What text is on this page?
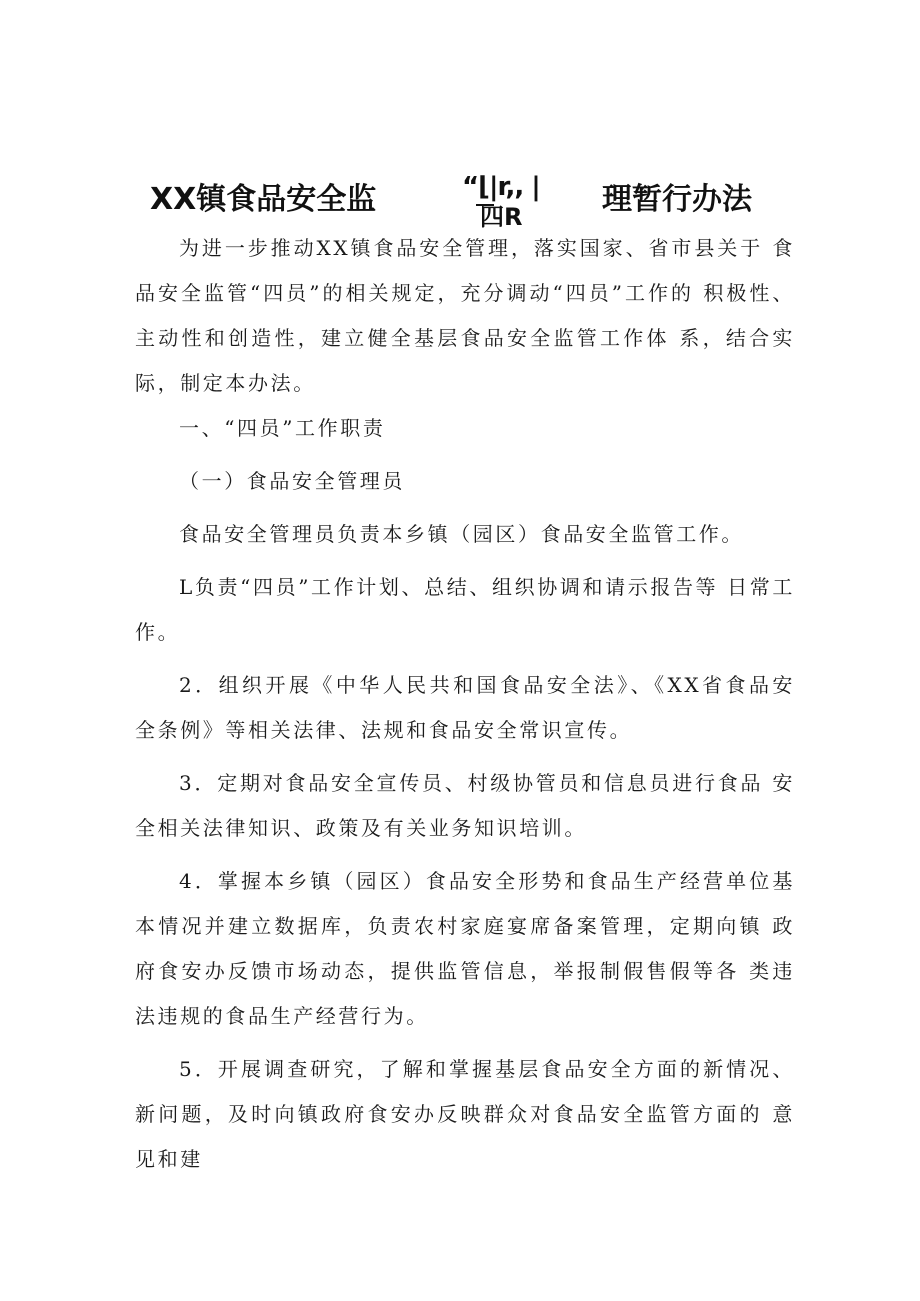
XX镇食品安全监	“⌊|r,, |
四R	理暂行办法

为进一步推动XX镇食品安全管理，落实国家、省市县关于 食品安全监管“四员”的相关规定，充分调动“四员”工作的 积极性、主动性和创造性，建立健全基层食品安全监管工作体 系，结合实际，制定本办法。

一、“四员”工作职责

（一）食品安全管理员

食品安全管理员负责本乡镇（园区）食品安全监管工作。

L负责“四员”工作计划、总结、组织协调和请示报告等 日常工作。

2．组织开展《中华人民共和国食品安全法》、《XX省食品安 全条例》等相关法律、法规和食品安全常识宣传。

3．定期对食品安全宣传员、村级协管员和信息员进行食品 安全相关法律知识、政策及有关业务知识培训。

4．掌握本乡镇（园区）食品安全形势和食品生产经营单位基 本情况并建立数据库，负责农村家庭宴席备案管理，定期向镇 政府食安办反馈市场动态，提供监管信息，举报制假售假等各 类违法违规的食品生产经营行为。

5．开展调查研究，了解和掌握基层食品安全方面的新情况、 新问题，及时向镇政府食安办反映群众对食品安全监管方面的 意见和建
